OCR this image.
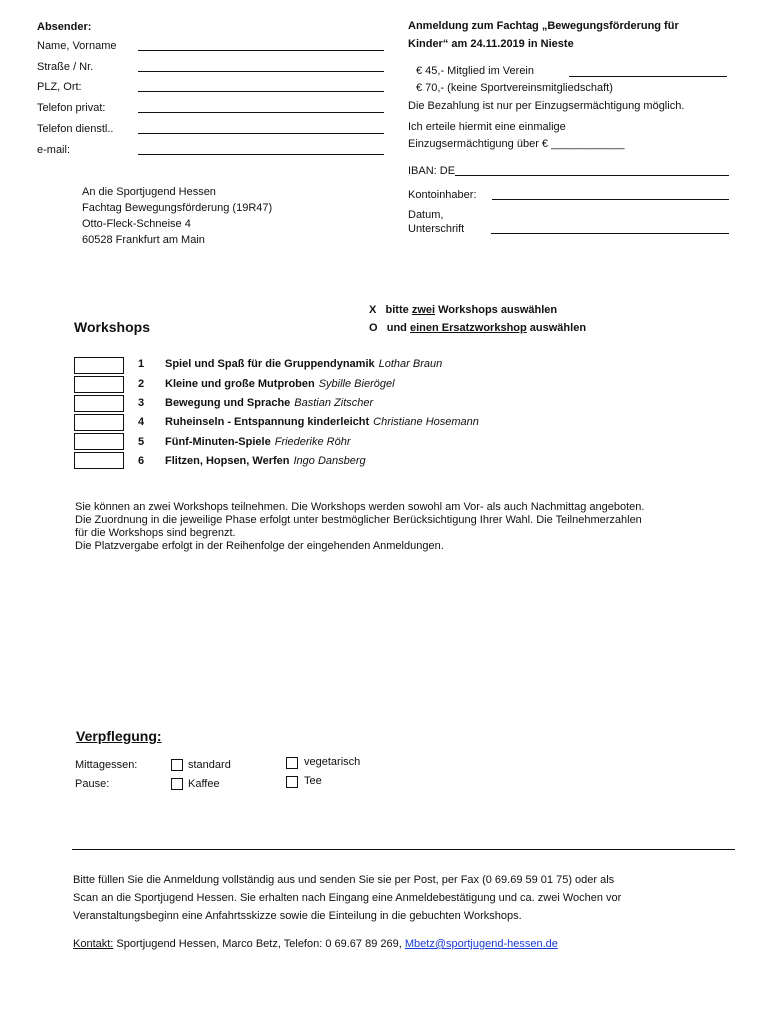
Absender:
Name, Vorname
Straße / Nr.
PLZ, Ort:
Telefon privat:
Telefon dienstl..
e-mail:
An die Sportjugend Hessen
Fachtag Bewegungsförderung (19R47)
Otto-Fleck-Schneise 4
60528 Frankfurt am Main
Anmeldung zum Fachtag „Bewegungsförderung für
Kinder“ am 24.11.2019 in Nieste
€ 45,- Mitglied im Verein
€ 70,- (keine Sportvereinsmitgliedschaft)
Die Bezahlung ist nur per Einzugsermächtigung möglich.
Ich erteile hiermit eine einmalige
Einzugsermächtigung über € ____________
IBAN: DE
Kontoinhaber:
Datum,
Unterschrift
Workshops
X bitte zwei Workshops auswählen
O und einen Ersatzworkshop auswählen
1 Spiel und Spaß für die Gruppendynamik Lothar Braun
2 Kleine und große Mutproben Sybille Bierögel
3 Bewegung und Sprache Bastian Zitscher
4 Ruheinseln - Entspannung kinderleicht Christiane Hosemann
5 Fünf-Minuten-Spiele Friederike Röhr
6 Flitzen, Hopsen, Werfen Ingo Dansberg
Sie können an zwei Workshops teilnehmen. Die Workshops werden sowohl am Vor- als auch Nachmittag angeboten.
Die Zuordnung in die jeweilige Phase erfolgt unter bestmöglicher Berücksichtigung Ihrer Wahl. Die Teilnehmerzahlen
für die Workshops sind begrenzt.
Die Platzvergabe erfolgt in der Reihenfolge der eingehenden Anmeldungen.
Verpflegung:
Mittagessen:	standard	vegetarisch
Pause:	Kaffee	Tee
Bitte füllen Sie die Anmeldung vollständig aus und senden Sie sie per Post, per Fax (0 69.69 59 01 75) oder als
Scan an die Sportjugend Hessen. Sie erhalten nach Eingang eine Anmeldebestätigung und ca. zwei Wochen vor
Veranstaltungsbeginn eine Anfahrtsskizze sowie die Einteilung in die gebuchten Workshops.
Kontakt: Sportjugend Hessen, Marco Betz, Telefon: 0 69.67 89 269, Mbetz@sportjugend-hessen.de
